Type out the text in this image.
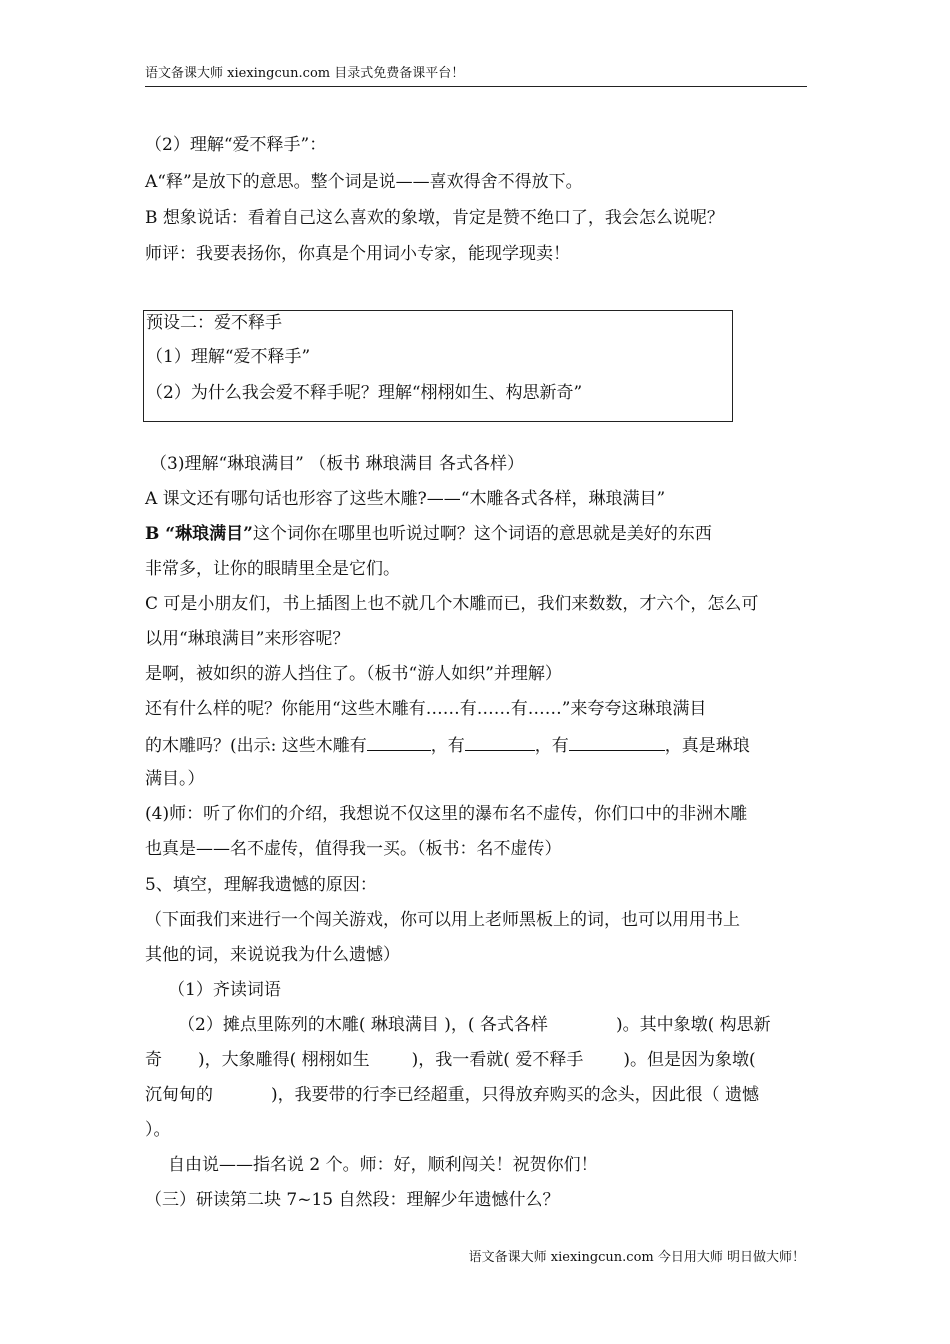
语文备课大师 xiexingcun.com 目录式免费备课平台！
（2）理解“爱不释手”：
A“释”是放下的意思。整个词是说——喜欢得舍不得放下。
B 想象说话：看着自己这么喜欢的象墩，肯定是赞不绝口了，我会怎么说呢？
师评：我要表扬你，你真是个用词小专家，能现学现卖！
预设二：爱不释手
（1）理解“爱不释手”
（2）为什么我会爱不释手呢？理解“栩栩如生、构思新奇”
（3)理解“琳琅满目” （板书 琳琅满目 各式各样）
A 课文还有哪句话也形容了这些木雕?——“木雕各式各样，琳琅满目”
B “琳琅满目”这个词你在哪里也听说过啊？这个词语的意思就是美好的东西
非常多，让你的眼睛里全是它们。
C 可是小朋友们，书上插图上也不就几个木雕而已，我们来数数，才六个，怎么可
以用“琳琅满目”来形容呢？
是啊，被如织的游人挡住了。（板书“游人如织”并理解）
还有什么样的呢？你能用“这些木雕有……有……有……”来夸夸这琳琅满目
的木雕吗？(出示: 这些木雕有	，有	，有	，真是琳琅
满目。）
(4)师：听了你们的介绍，我想说不仅这里的瀑布名不虚传，你们口中的非洲木雕
也真是——名不虚传，值得我一买。（板书：名不虚传）
5、填空，理解我遗憾的原因：
（下面我们来进行一个闯关游戏，你可以用上老师黑板上的词，也可以用用书上
其他的词，来说说我为什么遗憾）
（1）齐读词语
（2）摊点里陈列的木雕( 琳琅满目 )，( 各式各样	)。其中象墩( 构思新
奇 )，大象雕得( 栩栩如生 )，我一看就( 爱不释手 )。但是因为象墩(
沉甸甸的	)，我要带的行李已经超重，只得放弃购买的念头，因此很（ 遗憾
）。
自由说——指名说 2 个。师：好，顺利闯关！祝贺你们！
（三）研读第二块 7~15 自然段：理解少年遗憾什么？
语文备课大师 xiexingcun.com 今日用大师 明日做大师！
